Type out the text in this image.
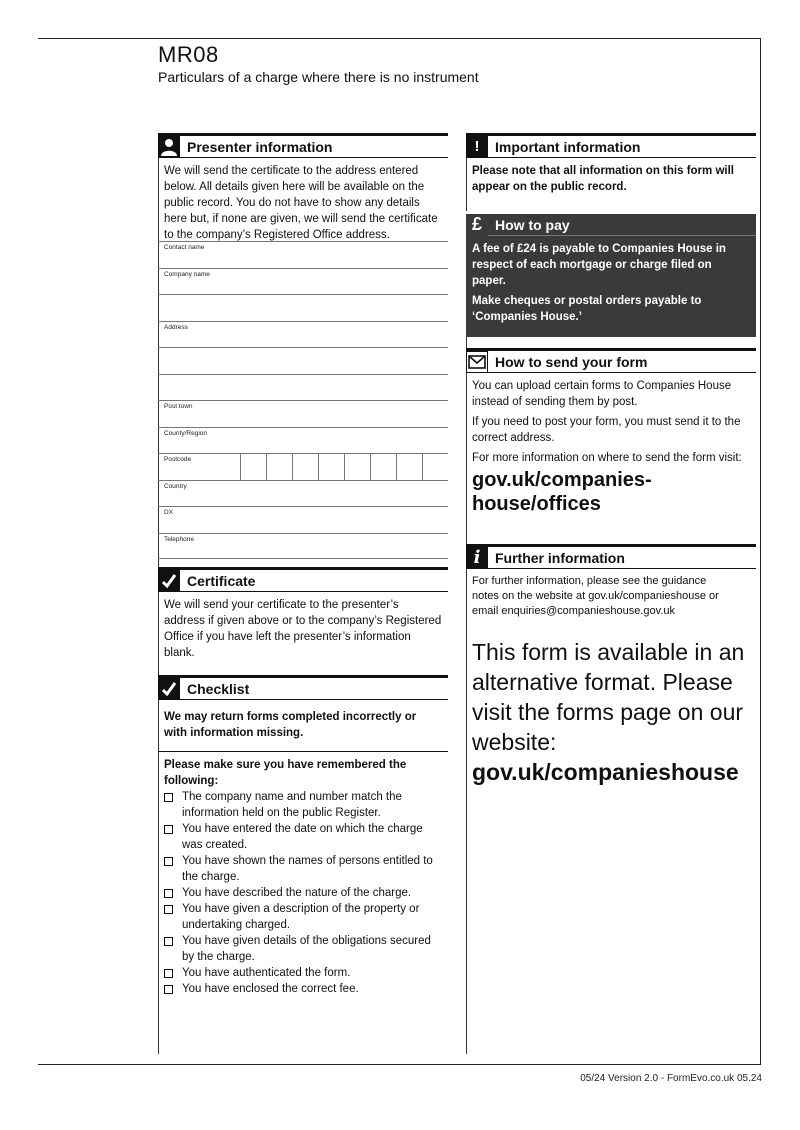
MR08
Particulars of a charge where there is no instrument
Presenter information
We will send the certificate to the address entered below. All details given here will be available on the public record. You do not have to show any details here but, if none are given, we will send the certificate to the company’s Registered Office address.
Contact name
Company name
Address
Post town
County/Region
Postcode
Country
DX
Telephone
Certificate
We will send your certificate to the presenter’s address if given above or to the company’s Registered Office if you have left the presenter’s information blank.
Checklist
We may return forms completed incorrectly or with information missing.
Please make sure you have remembered the following:
The company name and number match the information held on the public Register.
You have entered the date on which the charge was created.
You have shown the names of persons entitled to the charge.
You have described the nature of the charge.
You have given a description of the property or undertaking charged.
You have given details of the obligations secured by the charge.
You have authenticated the form.
You have enclosed the correct fee.
!	Important information
Please note that all information on this form will appear on the public record.
£ How to pay

A fee of £24 is payable to Companies House in respect of each mortgage or charge filed on paper.

Make cheques or postal orders payable to ‘Companies House.’

How to send your form

You can upload certain forms to Companies House instead of sending them by post.

If you need to post your form, you must send it to the correct address.

For more information on where to send the form visit:

gov.uk/companies-house/offices
i	Further information
For further information, please see the guidance notes on the website at gov.uk/companieshouse or email enquiries@companieshouse.gov.uk
This form is available in an alternative format. Please visit the forms page on our website:
gov.uk/companieshouse
05/24 Version 2.0 - FormEvo.co.uk 05.24
